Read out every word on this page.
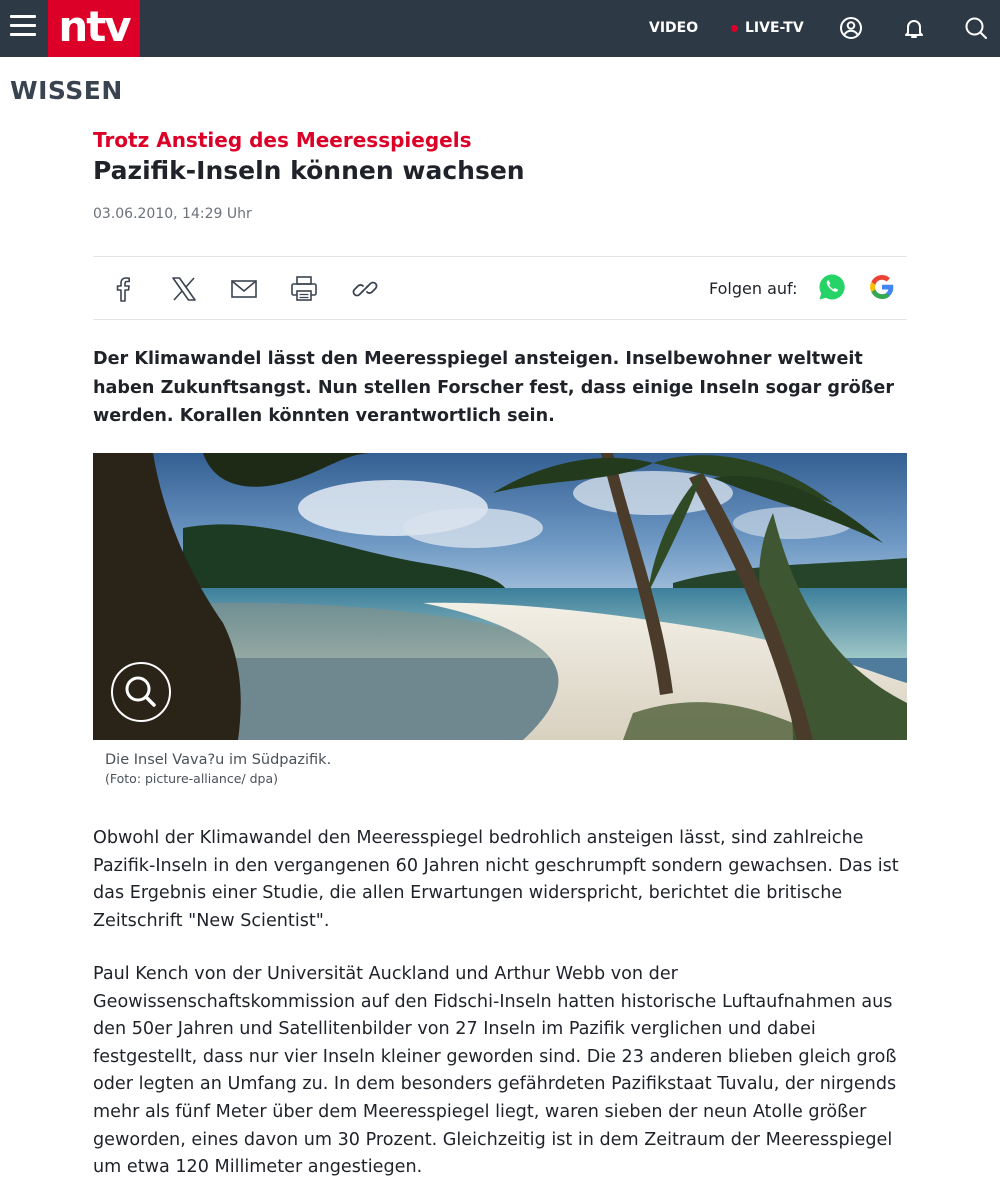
ntv	VIDEO	LIVE-TV
WISSEN
Trotz Anstieg des Meeresspiegels
Pazifik-Inseln können wachsen
03.06.2010, 14:29 Uhr
Folgen auf:

Der Klimawandel lässt den Meeresspiegel ansteigen. Inselbewohner weltweit haben Zukunftsangst. Nun stellen Forscher fest, dass einige Inseln sogar größer werden. Korallen könnten verantwortlich sein.

Die Insel Vava?u im Südpazifik.
(Foto: picture-alliance/ dpa)

Obwohl der Klimawandel den Meeresspiegel bedrohlich ansteigen lässt, sind zahlreiche Pazifik-Inseln in den vergangenen 60 Jahren nicht geschrumpft sondern gewachsen. Das ist das Ergebnis einer Studie, die allen Erwartungen widerspricht, berichtet die britische Zeitschrift "New Scientist".

Paul Kench von der Universität Auckland und Arthur Webb von der Geowissenschaftskommission auf den Fidschi-Inseln hatten historische Luftaufnahmen aus den 50er Jahren und Satellitenbilder von 27 Inseln im Pazifik verglichen und dabei festgestellt, dass nur vier Inseln kleiner geworden sind. Die 23 anderen blieben gleich groß oder legten an Umfang zu. In dem besonders gefährdeten Pazifikstaat Tuvalu, der nirgends mehr als fünf Meter über dem Meeresspiegel liegt, waren sieben der neun Atolle größer geworden, eines davon um 30 Prozent. Gleichzeitig ist in dem Zeitraum der Meeresspiegel um etwa 120 Millimeter angestiegen.
